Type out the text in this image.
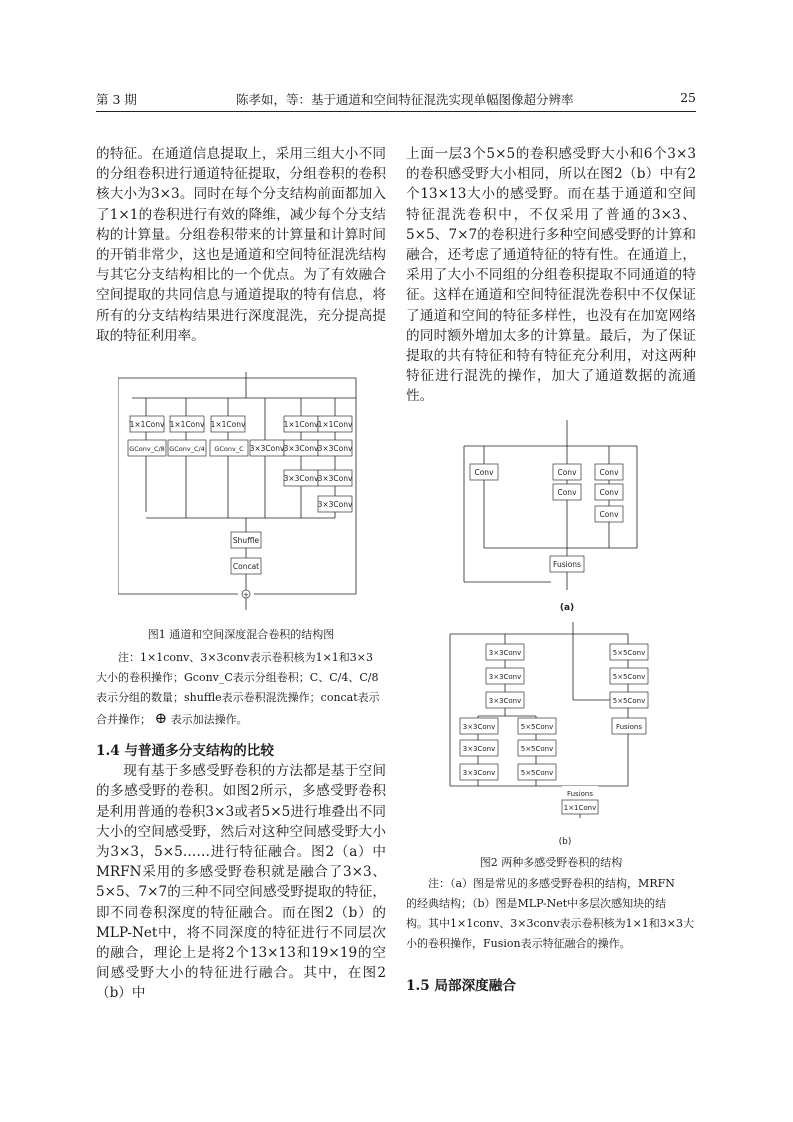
第 3 期	陈孝如，等：基于通道和空间特征混洗实现单幅图像超分辨率	25

的特征。在通道信息提取上，采用三组大小不同的分组卷积进行通道特征提取，分组卷积的卷积核大小为3×3。同时在每个分支结构前面都加入了1×1的卷积进行有效的降维，减少每个分支结构的计算量。分组卷积带来的计算量和计算时间的开销非常少，这也是通道和空间特征混洗结构与其它分支结构相比的一个优点。为了有效融合空间提取的共同信息与通道提取的特有信息，将所有的分支结构结果进行深度混洗，充分提高提取的特征利用率。

1×1Conv 1×1Conv 1×1Conv	1×1Conv 1×1Conv
GConv_C/8 GConv_C/4 GConv_C 3×3Conv 3×3Conv 3×3Conv
3×3Conv 3×3Conv
3×3Conv
Shuffle
Concat
+
图1 通道和空间深度混合卷积的结构图
注：1×1conv、3×3conv表示卷积核为1×1和3×3
大小的卷积操作；Gconv_C表示分组卷积；C、C/4、C/8
表示分组的数量；shuffle表示卷积混洗操作；concat表示
合并操作； ⊕ 表示加法操作。

1.4 与普通多分支结构的比较

现有基于多感受野卷积的方法都是基于空间的多感受野的卷积。如图2所示，多感受野卷积是利用普通的卷积3×3或者5×5进行堆叠出不同大小的空间感受野，然后对这种空间感受野大小为3×3，5×5……进行特征融合。图2（a）中MRFN采用的多感受野卷积就是融合了3×3、5×5、7×7的三种不同空间感受野提取的特征，即不同卷积深度的特征融合。而在图2（b）的MLP-Net中，将不同深度的特征进行不同层次的融合，理论上是将2个13×13和19×19的空间感受野大小的特征进行融合。其中，在图2（b）中

上面一层3个5×5的卷积感受野大小和6个3×3的卷积感受野大小相同，所以在图2（b）中有2个13×13大小的感受野。而在基于通道和空间特征混洗卷积中，不仅采用了普通的3×3、5×5、7×7的卷积进行多种空间感受野的计算和融合，还考虑了通道特征的特有性。在通道上，采用了大小不同组的分组卷积提取不同通道的特征。这样在通道和空间特征混洗卷积中不仅保证了通道和空间的特征多样性，也没有在加宽网络的同时额外增加太多的计算量。最后，为了保证提取的共有特征和特有特征充分利用，对这两种特征进行混洗的操作，加大了通道数据的流通性。

Conv	Conv
Conv
Conv
Conv
Conv
Fusions
(a)
3×3Conv
3×3Conv
3×3Conv
3×3Conv
3×3Conv
3×3Conv
5×5Conv
5×5Conv
5×5Conv
5×5Conv
5×5Conv
5×5Conv
Fusions
Fusions
1×1Conv
(b)
图2 两种多感受野卷积的结构
注：（a）图是常见的多感受野卷积的结构，MRFN
的经典结构；（b）图是MLP-Net中多层次感知块的结
构。其中1×1conv、3×3conv表示卷积核为1×1和3×3大
小的卷积操作，Fusion表示特征融合的操作。

1.5 局部深度融合
